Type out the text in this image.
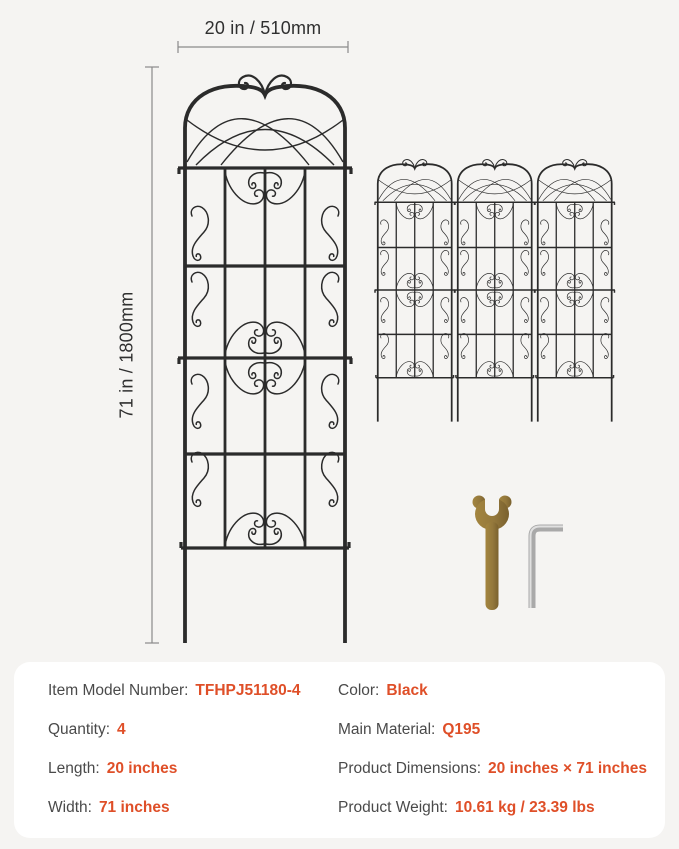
20 in / 510mm
71 in / 1800mm
Item Model Number: TFHPJ51180-4
Quantity: 4
Length: 20 inches
Width: 71 inches
Color: Black
Main Material: Q195
Product Dimensions: 20 inches × 71 inches
Product Weight: 10.61 kg / 23.39 lbs
